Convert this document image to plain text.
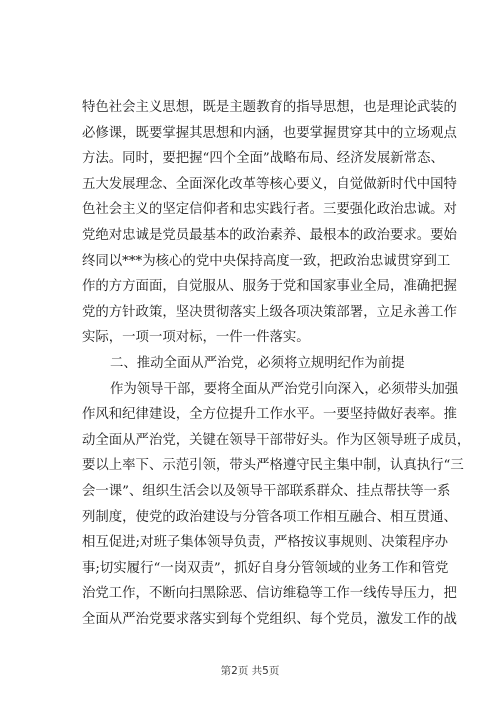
特色社会主义思想，既是主题教育的指导思想，也是理论武装的
必修课，既要掌握其思想和内涵，也要掌握贯穿其中的立场观点
方法。同时，要把握“四个全面”战略布局、经济发展新常态、
五大发展理念、全面深化改革等核心要义，自觉做新时代中国特
色社会主义的坚定信仰者和忠实践行者。三要强化政治忠诚。对
党绝对忠诚是党员最基本的政治素养、最根本的政治要求。要始
终同以***为核心的党中央保持高度一致，把政治忠诚贯穿到工
作的方方面面，自觉服从、服务于党和国家事业全局，准确把握
党的方针政策，坚决贯彻落实上级各项决策部署，立足永善工作
实际，一项一项对标，一件一件落实。
二、推动全面从严治党，必须将立规明纪作为前提
作为领导干部，要将全面从严治党引向深入，必须带头加强
作风和纪律建设，全方位提升工作水平。一要坚持做好表率。推
动全面从严治党，关键在领导干部带好头。作为区领导班子成员，
要以上率下、示范引领，带头严格遵守民主集中制，认真执行“三
会一课”、组织生活会以及领导干部联系群众、挂点帮扶等一系
列制度，使党的政治建设与分管各项工作相互融合、相互贯通、
相互促进;对班子集体领导负责，严格按议事规则、决策程序办
事;切实履行“一岗双责”，抓好自身分管领域的业务工作和管党
治党工作，不断向扫黑除恶、信访维稳等工作一线传导压力，把
全面从严治党要求落实到每个党组织、每个党员，激发工作的战
第2页 共5页
